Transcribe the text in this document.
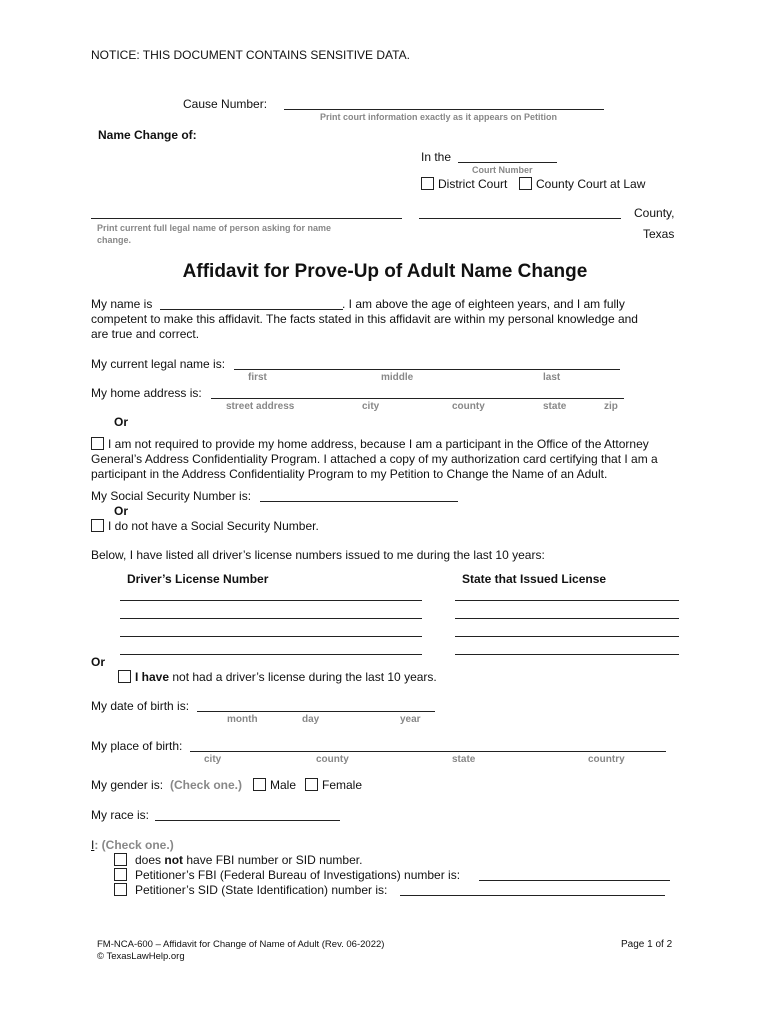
NOTICE: THIS DOCUMENT CONTAINS SENSITIVE DATA.
Cause Number:
Print court information exactly as it appears on Petition
Name Change of:
In the
Court Number
District Court County Court at Law
County,
Texas
Print current full legal name of person asking for name change.
Affidavit for Prove-Up of Adult Name Change
My name is	. I am above the age of eighteen years, and I am fully
competent to make this affidavit. The facts stated in this affidavit are within my personal knowledge and
are true and correct.
My current legal name is:
first	middle	last
My home address is:
street address	city	county	state	zip
Or
I am not required to provide my home address, because I am a participant in the Office of the Attorney
General’s Address Confidentiality Program. I attached a copy of my authorization card certifying that I am a
participant in the Address Confidentiality Program to my Petition to Change the Name of an Adult.
My Social Security Number is:
Or
I do not have a Social Security Number.
Below, I have listed all driver’s license numbers issued to me during the last 10 years:
Driver’s License Number	State that Issued License
Or
I have not had a driver’s license during the last 10 years.
My date of birth is:
month	day	year
My place of birth:
city	county	state	country
My gender is: (Check one.) Male Female
My race is:
I: (Check one.)
does not have FBI number or SID number.
Petitioner’s FBI (Federal Bureau of Investigations) number is:
Petitioner’s SID (State Identification) number is:
FM-NCA-600 – Affidavit for Change of Name of Adult (Rev. 06-2022)
© TexasLawHelp.org
Page 1 of 2
